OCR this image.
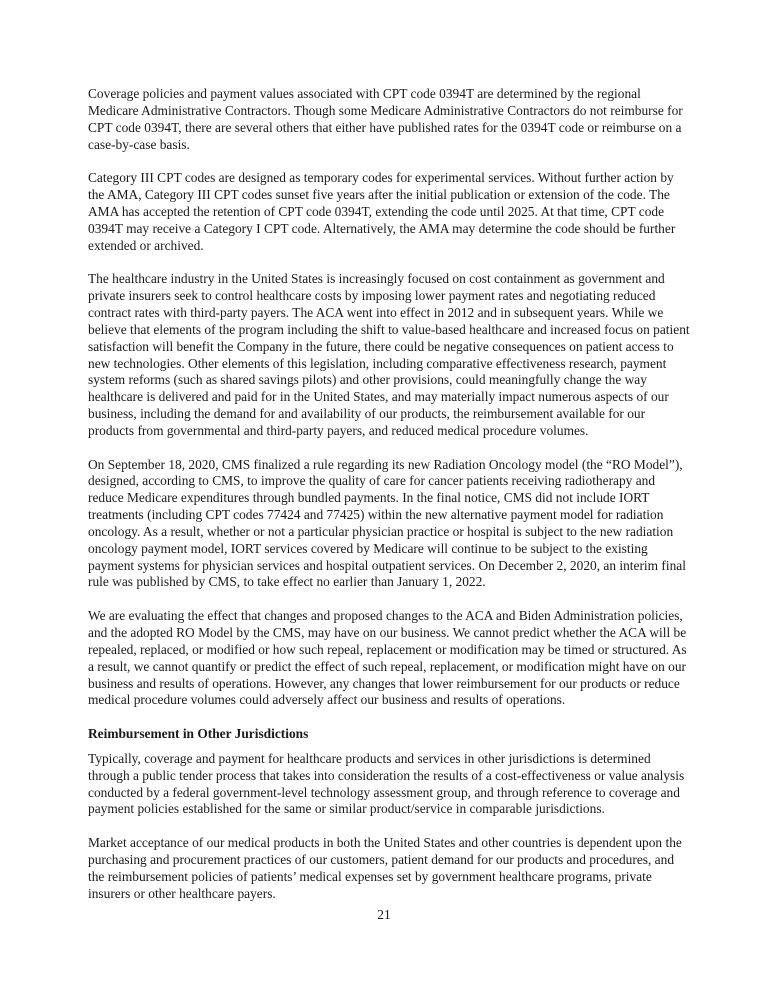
Coverage policies and payment values associated with CPT code 0394T are determined by the regional Medicare Administrative Contractors. Though some Medicare Administrative Contractors do not reimburse for CPT code 0394T, there are several others that either have published rates for the 0394T code or reimburse on a case-by-case basis.

Category III CPT codes are designed as temporary codes for experimental services. Without further action by the AMA, Category III CPT codes sunset five years after the initial publication or extension of the code. The AMA has accepted the retention of CPT code 0394T, extending the code until 2025. At that time, CPT code 0394T may receive a Category I CPT code. Alternatively, the AMA may determine the code should be further extended or archived.

The healthcare industry in the United States is increasingly focused on cost containment as government and private insurers seek to control healthcare costs by imposing lower payment rates and negotiating reduced contract rates with third-party payers. The ACA went into effect in 2012 and in subsequent years. While we believe that elements of the program including the shift to value-based healthcare and increased focus on patient satisfaction will benefit the Company in the future, there could be negative consequences on patient access to new technologies. Other elements of this legislation, including comparative effectiveness research, payment system reforms (such as shared savings pilots) and other provisions, could meaningfully change the way healthcare is delivered and paid for in the United States, and may materially impact numerous aspects of our business, including the demand for and availability of our products, the reimbursement available for our products from governmental and third-party payers, and reduced medical procedure volumes.

On September 18, 2020, CMS finalized a rule regarding its new Radiation Oncology model (the “RO Model”), designed, according to CMS, to improve the quality of care for cancer patients receiving radiotherapy and reduce Medicare expenditures through bundled payments. In the final notice, CMS did not include IORT treatments (including CPT codes 77424 and 77425) within the new alternative payment model for radiation oncology. As a result, whether or not a particular physician practice or hospital is subject to the new radiation oncology payment model, IORT services covered by Medicare will continue to be subject to the existing payment systems for physician services and hospital outpatient services. On December 2, 2020, an interim final rule was published by CMS, to take effect no earlier than January 1, 2022.

We are evaluating the effect that changes and proposed changes to the ACA and Biden Administration policies, and the adopted RO Model by the CMS, may have on our business. We cannot predict whether the ACA will be repealed, replaced, or modified or how such repeal, replacement or modification may be timed or structured. As a result, we cannot quantify or predict the effect of such repeal, replacement, or modification might have on our business and results of operations. However, any changes that lower reimbursement for our products or reduce medical procedure volumes could adversely affect our business and results of operations.

Reimbursement in Other Jurisdictions

Typically, coverage and payment for healthcare products and services in other jurisdictions is determined through a public tender process that takes into consideration the results of a cost-effectiveness or value analysis conducted by a federal government-level technology assessment group, and through reference to coverage and payment policies established for the same or similar product/service in comparable jurisdictions.

Market acceptance of our medical products in both the United States and other countries is dependent upon the purchasing and procurement practices of our customers, patient demand for our products and procedures, and the reimbursement policies of patients’ medical expenses set by government healthcare programs, private insurers or other healthcare payers.

21
